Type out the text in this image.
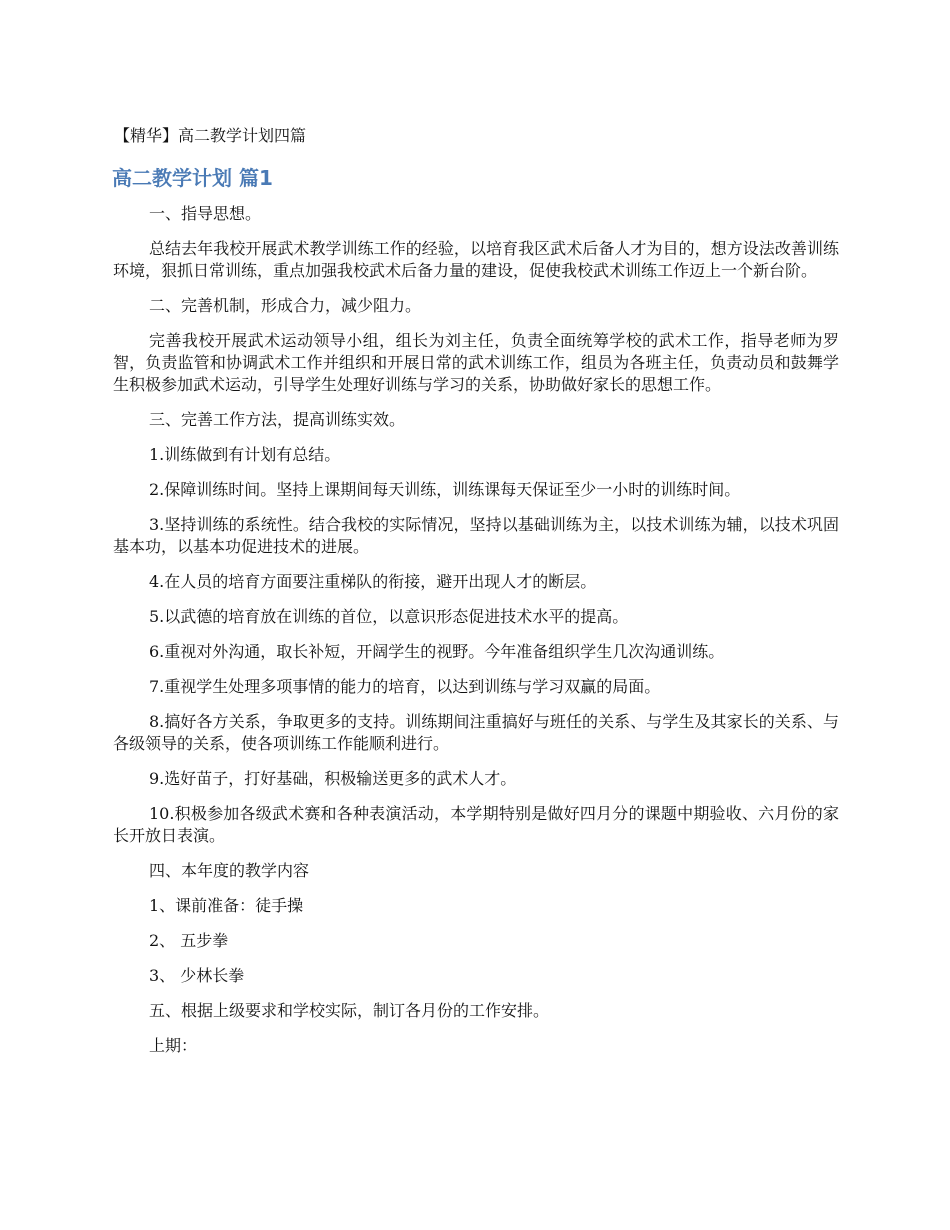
【精华】高二教学计划四篇
高二教学计划 篇1

一、指导思想。

总结去年我校开展武术教学训练工作的经验，以培育我区武术后备人才为目的，想方设法改善训练环境，狠抓日常训练，重点加强我校武术后备力量的建设，促使我校武术训练工作迈上一个新台阶。

二、完善机制，形成合力，减少阻力。

完善我校开展武术运动领导小组，组长为刘主任，负责全面统筹学校的武术工作，指导老师为罗智，负责监管和协调武术工作并组织和开展日常的武术训练工作，组员为各班主任，负责动员和鼓舞学生积极参加武术运动，引导学生处理好训练与学习的关系，协助做好家长的思想工作。

三、完善工作方法，提高训练实效。

1.训练做到有计划有总结。

2.保障训练时间。坚持上课期间每天训练，训练课每天保证至少一小时的训练时间。

3.坚持训练的系统性。结合我校的实际情况，坚持以基础训练为主，以技术训练为辅，以技术巩固基本功，以基本功促进技术的进展。

4.在人员的培育方面要注重梯队的衔接，避开出现人才的断层。

5.以武德的培育放在训练的首位，以意识形态促进技术水平的提高。

6.重视对外沟通，取长补短，开阔学生的视野。今年准备组织学生几次沟通训练。

7.重视学生处理多项事情的能力的培育，以达到训练与学习双赢的局面。

8.搞好各方关系，争取更多的支持。训练期间注重搞好与班任的关系、与学生及其家长的关系、与各级领导的关系，使各项训练工作能顺利进行。

9.选好苗子，打好基础，积极输送更多的武术人才。

10.积极参加各级武术赛和各种表演活动，本学期特别是做好四月分的课题中期验收、六月份的家长开放日表演。

四、本年度的教学内容

1、课前准备：徒手操

2、 五步拳

3、 少林长拳

五、根据上级要求和学校实际，制订各月份的工作安排。

上期：
